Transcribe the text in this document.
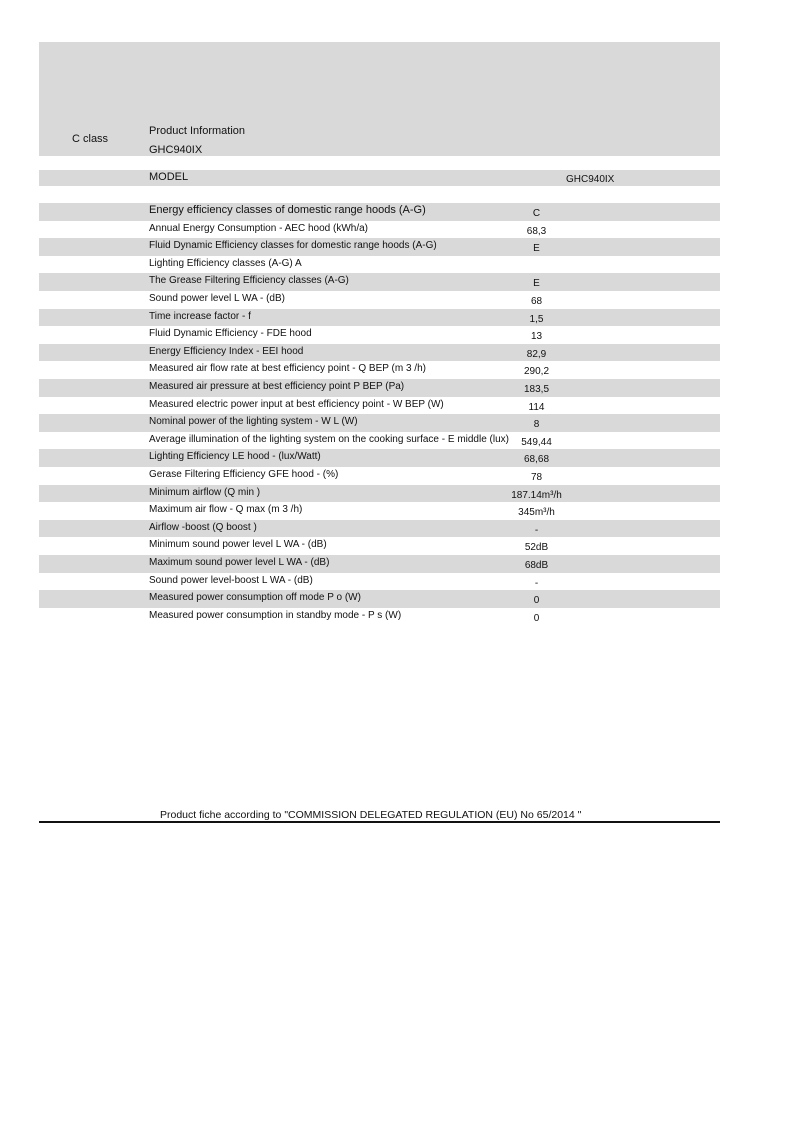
C class
Product Information
GHC940IX
MODEL	GHC940IX
Energy efficiency classes of domestic range hoods (A-G)	C
Annual Energy Consumption - AEC hood (kWh/a)	68,3
Fluid Dynamic Efficiency classes for domestic range hoods (A-G)	E
Lighting Efficiency classes (A-G) A
The Grease Filtering Efficiency classes (A-G)	E
Sound power level L WA - (dB)	68
Time increase factor - f	1,5
Fluid Dynamic Efficiency - FDE hood	13
Energy Efficiency Index - EEI hood	82,9
Measured air flow rate at best efficiency point - Q BEP (m 3 /h)	290,2
Measured air pressure at best efficiency point P BEP (Pa)	183,5
Measured electric power input at best efficiency point - W BEP (W)	114
Nominal power of the lighting system - W L (W)	8
Average illumination of the lighting system on the cooking surface - E middle (lux)	549,44
Lighting Efficiency LE hood - (lux/Watt)	68,68
Gerase Filtering Efficiency GFE hood - (%)	78
Minimum airflow (Q min )	187.14m³/h
Maximum air flow - Q max (m 3 /h)	345m³/h
Airflow -boost (Q boost )	-
Minimum sound power level L WA - (dB)	52dB
Maximum sound power level L WA - (dB)	68dB
Sound power level-boost L WA - (dB)	-
Measured power consumption off mode P o (W)	0
Measured power consumption in standby mode - P s (W)	0
Product fiche according to "COMMISSION DELEGATED REGULATION (EU) No 65/2014 "
